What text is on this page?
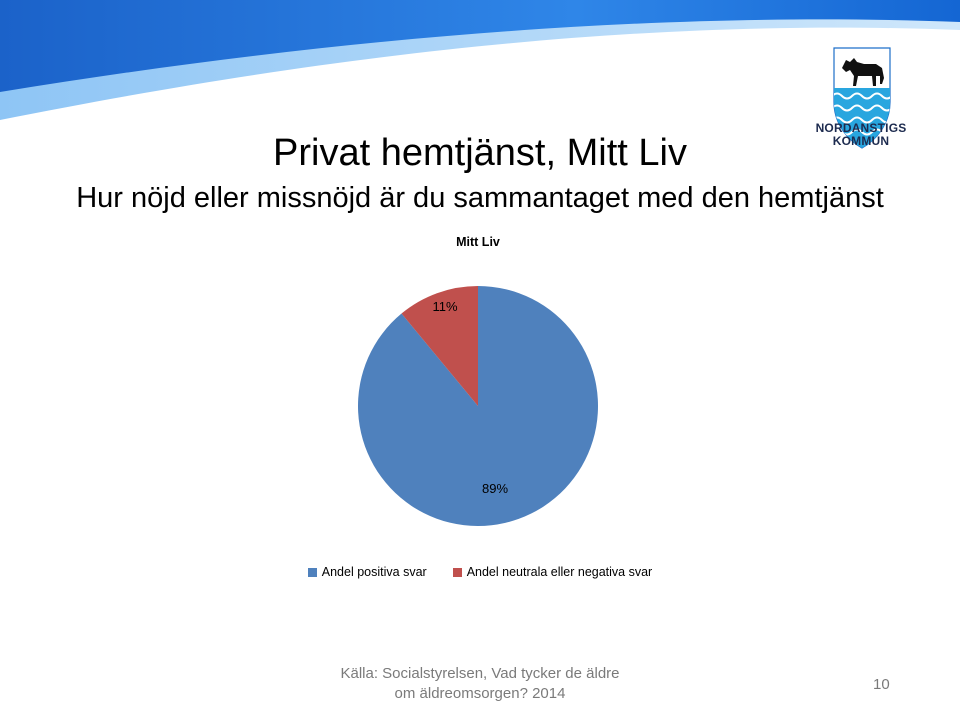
NORDANSTIGS
KOMMUN
Privat hemtjänst, Mitt Liv
Hur nöjd eller missnöjd är du sammantaget med den hemtjänst
Mitt Liv
89%
11%
Andel positiva svar	Andel neutrala eller negativa svar
Källa: Socialstyrelsen, Vad tycker de äldre
om äldreomsorgen? 2014
10
